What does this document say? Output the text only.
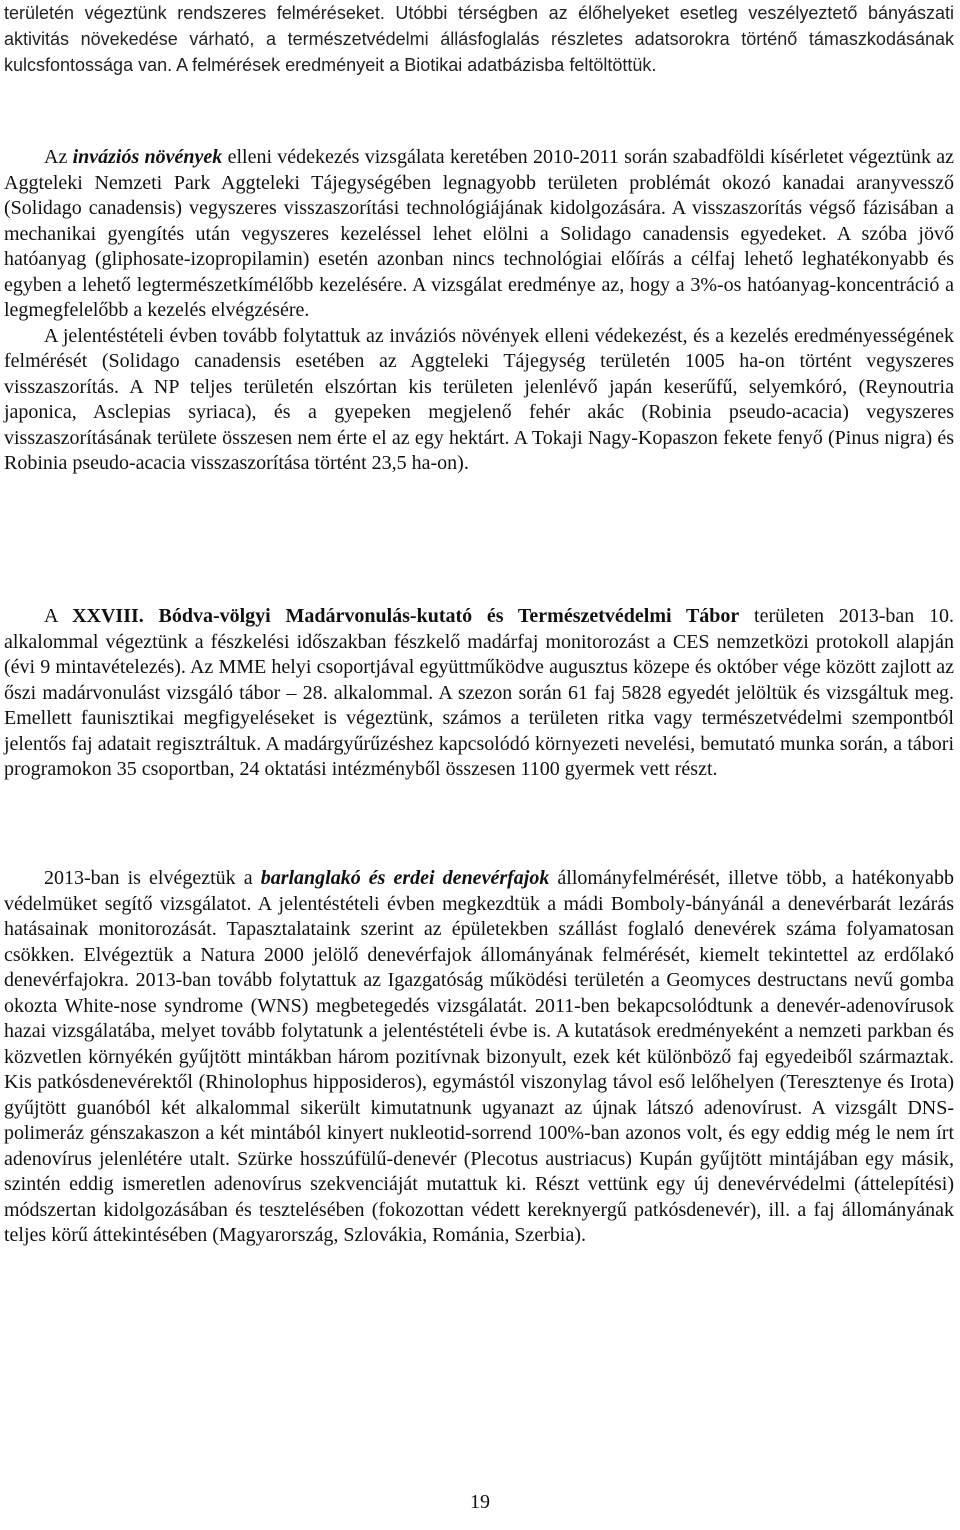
területén végeztünk rendszeres felméréseket. Utóbbi térségben az élőhelyeket esetleg veszélyeztető bányászati aktivitás növekedése várható, a természetvédelmi állásfoglalás részletes adatsorokra történő támaszkodásának kulcsfontossága van. A felmérések eredményeit a Biotikai adatbázisba feltöltöttük.

Az inváziós növények elleni védekezés vizsgálata keretében 2010-2011 során szabadföldi kísérletet végeztünk az Aggteleki Nemzeti Park Aggteleki Tájegységében legnagyobb területen problémát okozó kanadai aranyvessző (Solidago canadensis) vegyszeres visszaszorítási technológiájának kidolgozására. A visszaszorítás végső fázisában a mechanikai gyengítés után vegyszeres kezeléssel lehet elölni a Solidago canadensis egyedeket. A szóba jövő hatóanyag (gliphosate-izopropilamin) esetén azonban nincs technológiai előírás a célfaj lehető leghatékonyabb és egyben a lehető legtermészetkímélőbb kezelésére. A vizsgálat eredménye az, hogy a 3%-os hatóanyag-koncentráció a legmegfelelőbb a kezelés elvégzésére.

A jelentéstételi évben tovább folytattuk az inváziós növények elleni védekezést, és a kezelés eredményességének felmérését (Solidago canadensis esetében az Aggteleki Tájegység területén 1005 ha-on történt vegyszeres visszaszorítás. A NP teljes területén elszórtan kis területen jelenlévő japán keserűfű, selyemkóró, (Reynoutria japonica, Asclepias syriaca), és a gyepeken megjelenő fehér akác (Robinia pseudo-acacia) vegyszeres visszaszorításának területe összesen nem érte el az egy hektárt. A Tokaji Nagy-Kopaszon fekete fenyő (Pinus nigra) és Robinia pseudo-acacia visszaszorítása történt 23,5 ha-on).

A XXVIII. Bódva-völgyi Madárvonulás-kutató és Természetvédelmi Tábor területen 2013-ban 10. alkalommal végeztünk a fészkelési időszakban fészkelő madárfaj monitorozást a CES nemzetközi protokoll alapján (évi 9 mintavételezés). Az MME helyi csoportjával együttműködve augusztus közepe és október vége között zajlott az őszi madárvonulást vizsgáló tábor – 28. alkalommal. A szezon során 61 faj 5828 egyedét jelöltük és vizsgáltuk meg. Emellett faunisztikai megfigyeléseket is végeztünk, számos a területen ritka vagy természetvédelmi szempontból jelentős faj adatait regisztráltuk. A madárgyűrűzéshez kapcsolódó környezeti nevelési, bemutató munka során, a tábori programokon 35 csoportban, 24 oktatási intézményből összesen 1100 gyermek vett részt.

2013-ban is elvégeztük a barlanglakó és erdei denevérfajok állományfelmérését, illetve több, a hatékonyabb védelmüket segítő vizsgálatot. A jelentéstételi évben megkezdtük a mádi Bomboly-bányánál a denevérbarát lezárás hatásainak monitorozását. Tapasztalataink szerint az épületekben szállást foglaló denevérek száma folyamatosan csökken. Elvégeztük a Natura 2000 jelölő denevérfajok állományának felmérését, kiemelt tekintettel az erdőlakó denevérfajokra. 2013-ban tovább folytattuk az Igazgatóság működési területén a Geomyces destructans nevű gomba okozta White-nose syndrome (WNS) megbetegedés vizsgálatát. 2011-ben bekapcsolódtunk a denevér-adenovírusok hazai vizsgálatába, melyet tovább folytatunk a jelentéstételi évbe is. A kutatások eredményeként a nemzeti parkban és közvetlen környékén gyűjtött mintákban három pozitívnak bizonyult, ezek két különböző faj egyedeiből származtak. Kis patkósdenevérektől (Rhinolophus hipposideros), egymástól viszonylag távol eső lelőhelyen (Teresztenye és Irota) gyűjtött guanóból két alkalommal sikerült kimutatnunk ugyanazt az újnak látszó adenovírust. A vizsgált DNS-polimeráz génszakaszon a két mintából kinyert nukleotid-sorrend 100%-ban azonos volt, és egy eddig még le nem írt adenovírus jelenlétére utalt. Szürke hosszúfülű-denevér (Plecotus austriacus) Kupán gyűjtött mintájában egy másik, szintén eddig ismeretlen adenovírus szekvenciáját mutattuk ki. Részt vettünk egy új denevérvédelmi (áttelepítési) módszertan kidolgozásában és tesztelésében (fokozottan védett kereknyergű patkósdenevér), ill. a faj állományának teljes körű áttekintésében (Magyarország, Szlovákia, Románia, Szerbia).

19
